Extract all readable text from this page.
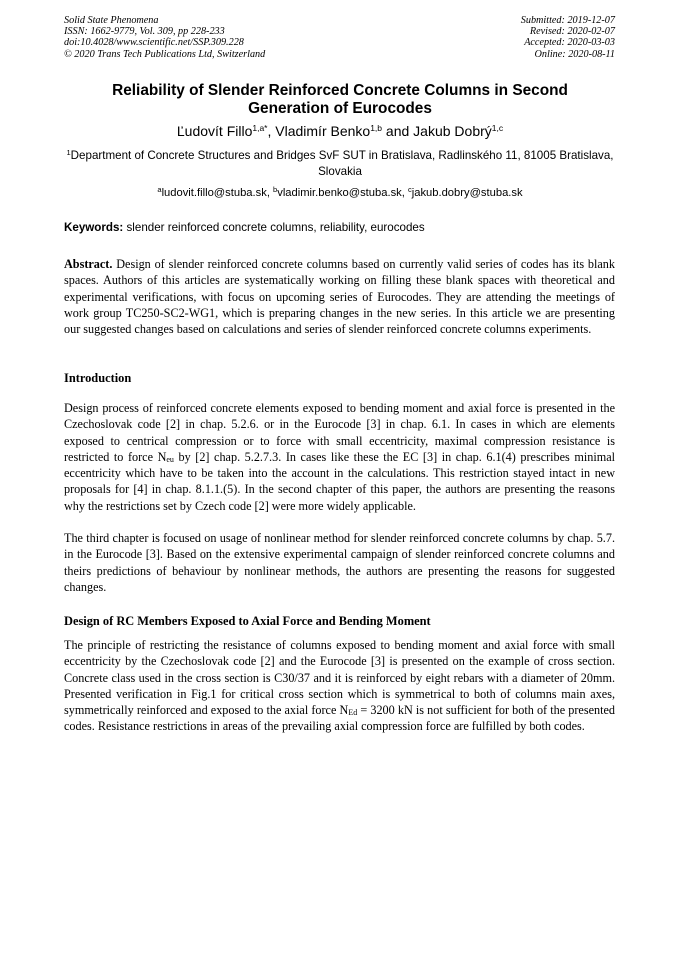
Solid State Phenomena
ISSN: 1662-9779, Vol. 309, pp 228-233
doi:10.4028/www.scientific.net/SSP.309.228
© 2020 Trans Tech Publications Ltd, Switzerland
Submitted: 2019-12-07
Revised: 2020-02-07
Accepted: 2020-03-03
Online: 2020-08-11
Reliability of Slender Reinforced Concrete Columns in Second
Generation of Eurocodes
Ľudovít Fillo$^{1,a*}$, Vladimír Benko$^{1,b}$ and Jakub Dobrý$^{1,c}$
$^1$Department of Concrete Structures and Bridges SvF SUT in Bratislava, Radlinského 11, 81005 Bratislava, Slovakia
$^a$ludovit.fillo@stuba.sk, $^b$vladimir.benko@stuba.sk, $^c$jakub.dobry@stuba.sk
Keywords: slender reinforced concrete columns, reliability, eurocodes
Abstract. Design of slender reinforced concrete columns based on currently valid series of codes has its blank spaces. Authors of this articles are systematically working on filling these blank spaces with theoretical and experimental verifications, with focus on upcoming series of Eurocodes. They are attending the meetings of work group TC250-SC2-WG1, which is preparing changes in the new series. In this article we are presenting our suggested changes based on calculations and series of slender reinforced concrete columns experiments.
Introduction
Design process of reinforced concrete elements exposed to bending moment and axial force is presented in the Czechoslovak code [2] in chap. 5.2.6. or in the Eurocode [3] in chap. 6.1. In cases in which are elements exposed to centrical compression or to force with small eccentricity, maximal compression resistance is restricted to force $N_{eu}$ by [2] chap. 5.2.7.3. In cases like these the EC [3] in chap. 6.1(4) prescribes minimal eccentricity which have to be taken into the account in the calculations. This restriction stayed intact in new proposals for [4] in chap. 8.1.1.(5). In the second chapter of this paper, the authors are presenting the reasons why the restrictions set by Czech code [2] were more widely applicable.
The third chapter is focused on usage of nonlinear method for slender reinforced concrete columns by chap. 5.7. in the Eurocode [3]. Based on the extensive experimental campaign of slender reinforced concrete columns and theirs predictions of behaviour by nonlinear methods, the authors are presenting the reasons for suggested changes.
Design of RC Members Exposed to Axial Force and Bending Moment
The principle of restricting the resistance of columns exposed to bending moment and axial force with small eccentricity by the Czechoslovak code [2] and the Eurocode [3] is presented on the example of cross section. Concrete class used in the cross section is C30/37 and it is reinforced by eight rebars with a diameter of 20mm. Presented verification in Fig.1 for critical cross section which is symmetrical to both of columns main axes, symmetrically reinforced and exposed to the axial force $N_{Ed} = 3200$ kN is not sufficient for both of the presented codes. Resistance restrictions in areas of the prevailing axial compression force are fulfilled by both codes.
